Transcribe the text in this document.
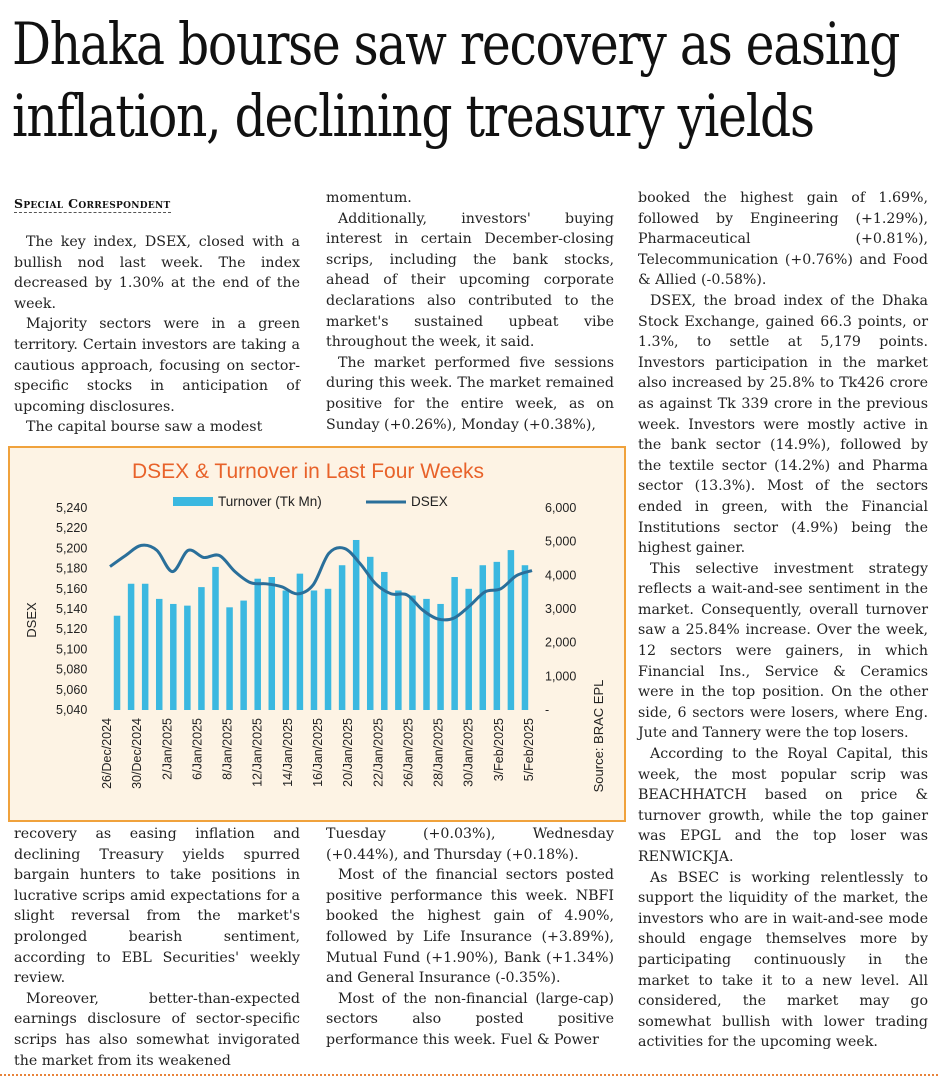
Dhaka bourse saw recovery as easing
inflation, declining treasury yields
Special Correspondent

The key index, DSEX, closed with a bullish nod last week. The index decreased by 1.30% at the end of the week.

Majority sectors were in a green territory. Certain investors are taking a cautious approach, focusing on sector-specific stocks in anticipation of upcoming disclosures.

The capital bourse saw a modest

momentum.

Additionally, investors' buying interest in certain December-closing scrips, including the bank stocks, ahead of their upcoming corporate declarations also contributed to the market's sustained upbeat vibe throughout the week, it said.

The market performed five sessions during this week. The market remained positive for the entire week, as on Sunday (+0.26%), Monday (+0.38%),

DSEX & Turnover in Last Four Weeks
Turnover (Tk Mn)	DSEX
DSEX
Source: BRAC EPL
5,240
5,220
5,200
5,180
5,160
5,140
5,120
5,100
5,080
5,060
5,040
6,000
5,000
4,000
3,000
2,000
1,000
-
26/Dec/2024 30/Dec/2024 2/Jan/2025 6/Jan/2025 8/Jan/2025 12/Jan/2025 14/Jan/2025 16/Jan/2025 20/Jan/2025 22/Jan/2025 26/Jan/2025 28/Jan/2025 30/Jan/2025 3/Feb/2025 5/Feb/2025

recovery as easing inflation and declining Treasury yields spurred bargain hunters to take positions in lucrative scrips amid expectations for a slight reversal from the market's prolonged bearish sentiment, according to EBL Securities' weekly review.

Moreover, better-than-expected earnings disclosure of sector-specific scrips has also somewhat invigorated the market from its weakened

Tuesday (+0.03%), Wednesday (+0.44%), and Thursday (+0.18%).

Most of the financial sectors posted positive performance this week. NBFI booked the highest gain of 4.90%, followed by Life Insurance (+3.89%), Mutual Fund (+1.90%), Bank (+1.34%) and General Insurance (-0.35%).

Most of the non-financial (large-cap) sectors also posted positive performance this week. Fuel & Power

booked the highest gain of 1.69%, followed by Engineering (+1.29%), Pharmaceutical (+0.81%), Telecommunication (+0.76%) and Food & Allied (-0.58%).

DSEX, the broad index of the Dhaka Stock Exchange, gained 66.3 points, or 1.3%, to settle at 5,179 points. Investors participation in the market also increased by 25.8% to Tk426 crore as against Tk 339 crore in the previous week. Investors were mostly active in the bank sector (14.9%), followed by the textile sector (14.2%) and Pharma sector (13.3%). Most of the sectors ended in green, with the Financial Institutions sector (4.9%) being the highest gainer.

This selective investment strategy reflects a wait-and-see sentiment in the market. Consequently, overall turnover saw a 25.84% increase. Over the week, 12 sectors were gainers, in which Financial Ins., Service & Ceramics were in the top position. On the other side, 6 sectors were losers, where Eng. Jute and Tannery were the top losers.

According to the Royal Capital, this week, the most popular scrip was BEACHHATCH based on price & turnover growth, while the top gainer was EPGL and the top loser was RENWICKJA.

As BSEC is working relentlessly to support the liquidity of the market, the investors who are in wait-and-see mode should engage themselves more by participating continuously in the market to take it to a new level. All considered, the market may go somewhat bullish with lower trading activities for the upcoming week.
